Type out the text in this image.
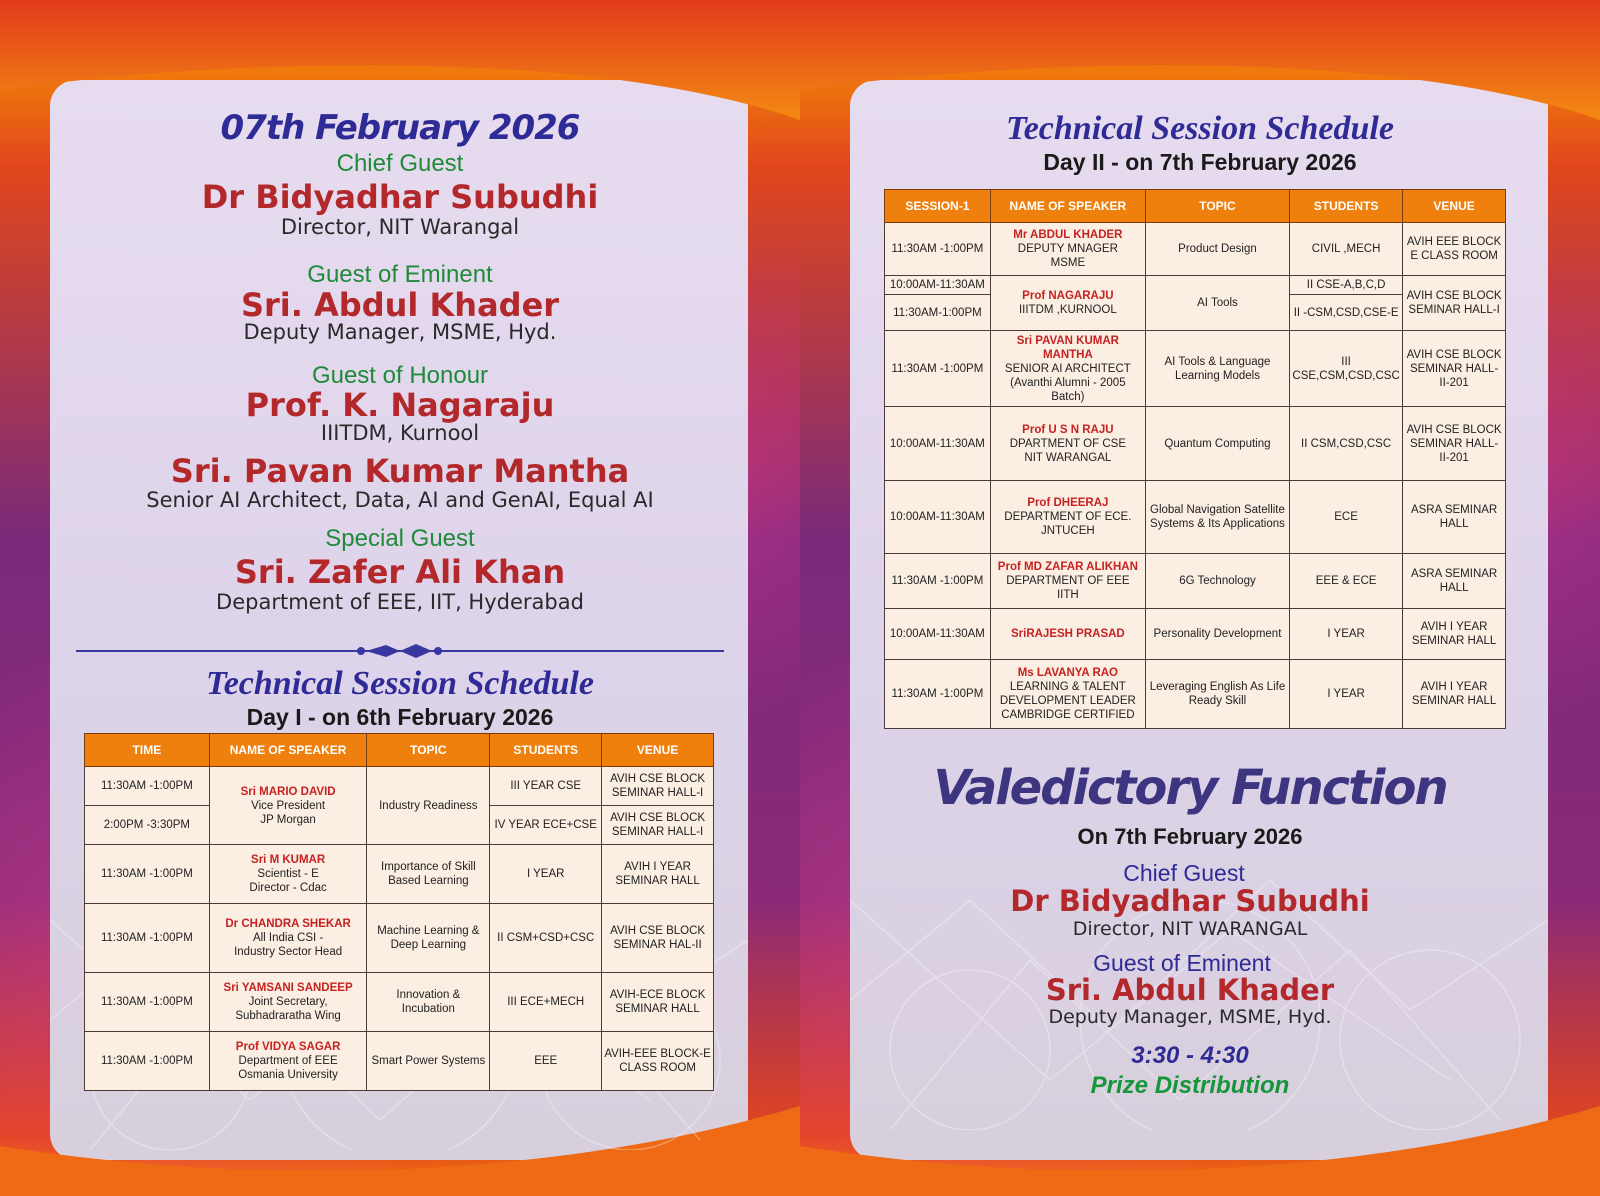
07th February 2026
Chief Guest
Dr Bidyadhar Subudhi
Director, NIT Warangal
Guest of Eminent
Sri. Abdul Khader
Deputy Manager, MSME, Hyd.
Guest of Honour
Prof. K. Nagaraju
IIITDM, Kurnool
Sri. Pavan Kumar Mantha
Senior AI Architect, Data, AI and GenAI, Equal AI
Special Guest
Sri. Zafer Ali Khan
Department of EEE, IIT, Hyderabad
Technical Session Schedule
Day I - on 6th February 2026
TIME	NAME OF SPEAKER	TOPIC	STUDENTS	VENUE
11:30AM -1:00PM	Sri MARIO DAVID
Vice President
JP Morgan	Industry Readiness	III YEAR CSE	AVIH CSE BLOCK SEMINAR HALL-I
2:00PM -3:30PM			IV YEAR ECE+CSE	AVIH CSE BLOCK SEMINAR HALL-I
11:30AM -1:00PM	Sri M KUMAR
Scientist - E
Director - Cdac	Importance of Skill Based Learning	I YEAR	AVIH I YEAR SEMINAR HALL
11:30AM -1:00PM	Dr CHANDRA SHEKAR
All India CSI -
Industry Sector Head	Machine Learning & Deep Learning	II CSM+CSD+CSC	AVIH CSE BLOCK SEMINAR HAL-II
11:30AM -1:00PM	Sri YAMSANI SANDEEP
Joint Secretary,
Subhadraratha Wing	Innovation & Incubation	III ECE+MECH	AVIH-ECE BLOCK SEMINAR HALL
11:30AM -1:00PM	Prof VIDYA SAGAR
Department of EEE
Osmania University	Smart Power Systems	EEE	AVIH-EEE BLOCK-E CLASS ROOM
Technical Session Schedule
Day II - on 7th February 2026
SESSION-1	NAME OF SPEAKER	TOPIC	STUDENTS	VENUE
11:30AM -1:00PM	Mr ABDUL KHADER
DEPUTY MNAGER
MSME	Product Design	CIVIL ,MECH	AVIH EEE BLOCK E CLASS ROOM
10:00AM-11:30AM	Prof NAGARAJU
IIITDM ,KURNOOL	AI Tools	II CSE-A,B,C,D	AVIH CSE BLOCK SEMINAR HALL-I
11:30AM-1:00PM			II -CSM,CSD,CSE-E	
11:30AM -1:00PM	Sri PAVAN KUMAR MANTHA
SENIOR AI ARCHITECT
(Avanthi Alumni - 2005 Batch)	AI Tools & Language Learning Models	III CSE,CSM,CSD,CSC	AVIH CSE BLOCK SEMINAR HALL-II-201
10:00AM-11:30AM	Prof U S N RAJU
DPARTMENT OF CSE
NIT WARANGAL	Quantum Computing	II CSM,CSD,CSC	AVIH CSE BLOCK SEMINAR HALL-II-201
10:00AM-11:30AM	Prof DHEERAJ
DEPARTMENT OF ECE.
JNTUCEH	Global Navigation Satellite Systems & Its Applications	ECE	ASRA SEMINAR HALL
11:30AM -1:00PM	Prof MD ZAFAR ALIKHAN
DEPARTMENT OF EEE
IITH	6G Technology	EEE & ECE	ASRA SEMINAR HALL
10:00AM-11:30AM	SriRAJESH PRASAD	Personality Development	I YEAR	AVIH I YEAR SEMINAR HALL
11:30AM -1:00PM	Ms LAVANYA RAO
LEARNING & TALENT
DEVELOPMENT LEADER
CAMBRIDGE CERTIFIED	Leveraging English As Life Ready Skill	I YEAR	AVIH I YEAR SEMINAR HALL
Valedictory Function
On 7th February 2026
Chief Guest
Dr Bidyadhar Subudhi
Director, NIT WARANGAL
Guest of Eminent
Sri. Abdul Khader
Deputy Manager, MSME, Hyd.
3:30 - 4:30
Prize Distribution
